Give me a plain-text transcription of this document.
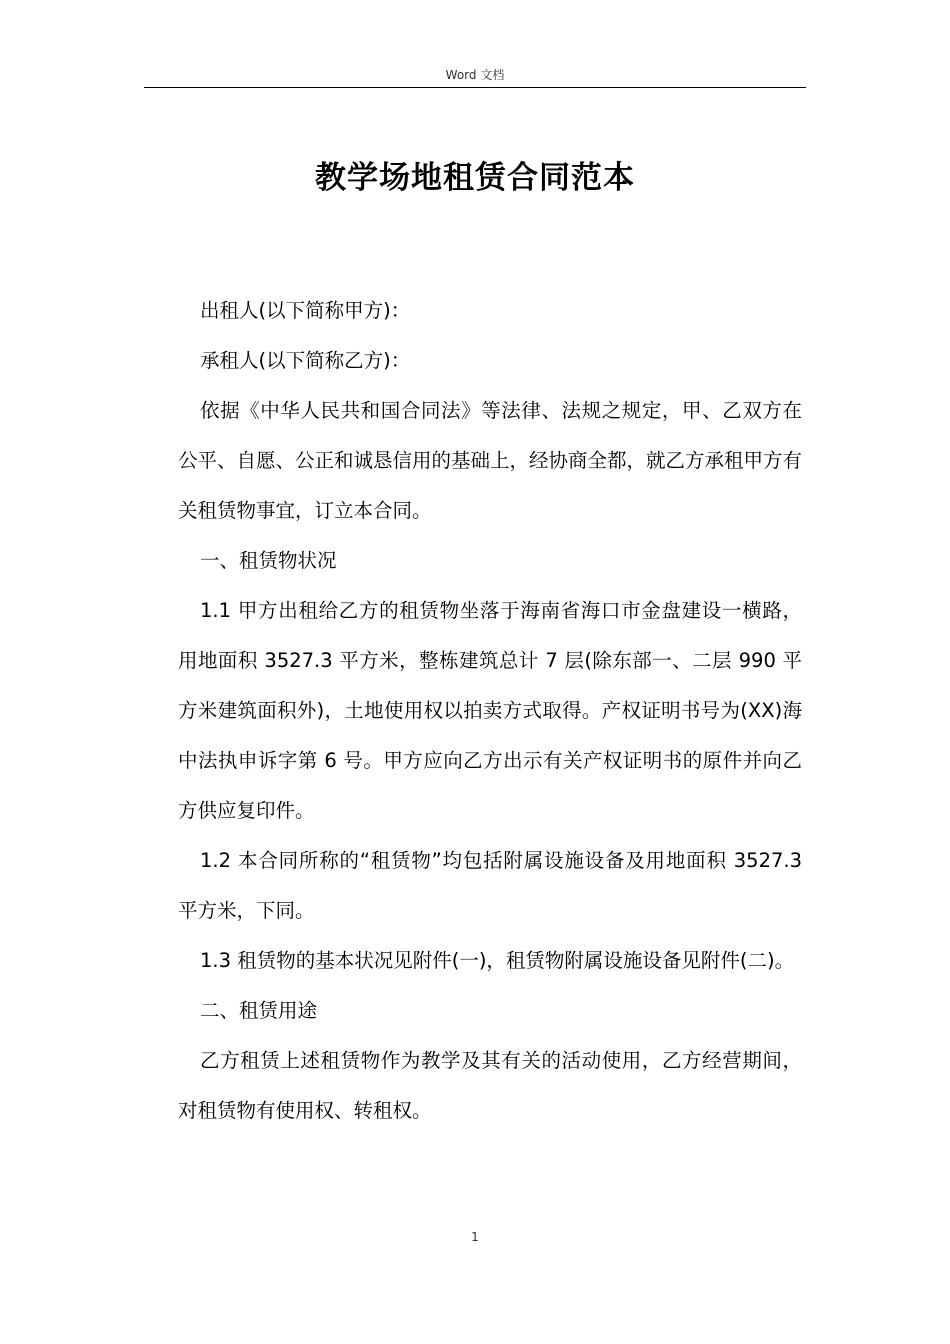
Word 文档
教学场地租赁合同范本

出租人(以下简称甲方)：

承租人(以下简称乙方)：

依据《中华人民共和国合同法》等法律、法规之规定，甲、乙双方在公平、自愿、公正和诚恳信用的基础上，经协商全都，就乙方承租甲方有关租赁物事宜，订立本合同。

一、租赁物状况

1.1 甲方出租给乙方的租赁物坐落于海南省海口市金盘建设一横路，用地面积 3527.3 平方米，整栋建筑总计 7 层(除东部一、二层 990 平方米建筑面积外)，土地使用权以拍卖方式取得。产权证明书号为(XX)海中法执申诉字第 6 号。甲方应向乙方出示有关产权证明书的原件并向乙方供应复印件。

1.2 本合同所称的“租赁物”均包括附属设施设备及用地面积 3527.3 平方米，下同。

1.3 租赁物的基本状况见附件(一)，租赁物附属设施设备见附件(二)。

二、租赁用途

乙方租赁上述租赁物作为教学及其有关的活动使用，乙方经营期间，对租赁物有使用权、转租权。

1
